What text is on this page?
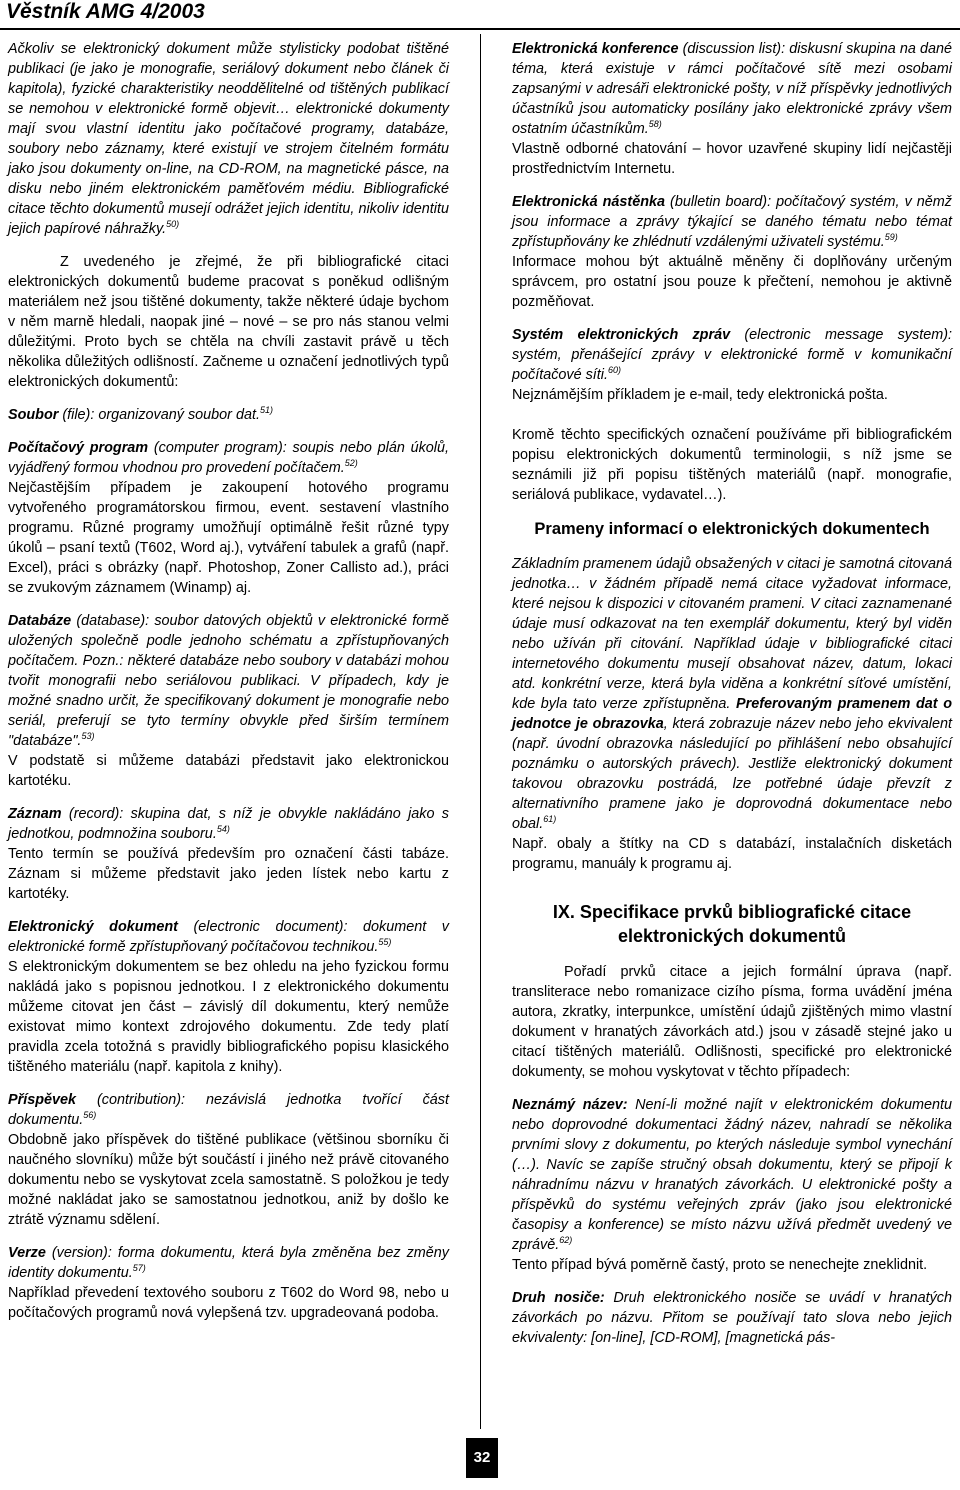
Věstník AMG 4/2003

Ačkoliv se elektronický dokument může stylisticky podobat tištěné publikaci (je jako je monografie, seriálový dokument nebo článek či kapitola), fyzické charakteristiky neoddělitelné od tištěných publikací se nemohou v elektronické formě objevit… elektronické dokumenty mají svou vlastní identitu jako počítačové programy, databáze, soubory nebo záznamy, které existují ve strojem čitelném formátu jako jsou dokumenty on-line, na CD-ROM, na magnetické pásce, na disku nebo jiném elektronickém paměťovém médiu. Bibliografické citace těchto dokumentů musejí odrážet jejich identitu, nikoliv identitu jejich papírové náhražky.$^{50)}$

Z uvedeného je zřejmé, že při bibliografické citaci elektronických dokumentů budeme pracovat s poněkud odlišným materiálem než jsou tištěné dokumenty, takže některé údaje bychom v něm marně hledali, naopak jiné – nové – se pro nás stanou velmi důležitými. Proto bych se chtěla na chvíli zastavit právě u těch několika důležitých odlišností. Začneme u označení jednotlivých typů elektronických dokumentů:

Soubor (file): organizovaný soubor dat.$^{51)}$

Počítačový program (computer program): soupis nebo plán úkolů, vyjádřený formou vhodnou pro provedení počítačem.$^{52)}$

Nejčastějším případem je zakoupení hotového programu vytvořeného programátorskou firmou, event. sestavení vlastního programu. Různé programy umožňují optimálně řešit různé typy úkolů – psaní textů (T602, Word aj.), vytváření tabulek a grafů (např. Excel), práci s obrázky (např. Photoshop, Zoner Callisto ad.), práci se zvukovým záznamem (Winamp) aj.

Databáze (database): soubor datových objektů v elektronické formě uložených společně podle jednoho schématu a zpřístupňovaných počítačem. Pozn.: některé databáze nebo soubory v databázi mohou tvořit monografii nebo seriálovou publikaci. V případech, kdy je možné snadno určit, že specifikovaný dokument je monografie nebo seriál, preferují se tyto termíny obvykle před širším termínem "databáze".$^{53)}$

V podstatě si můžeme databázi představit jako elektronickou kartotéku.

Záznam (record): skupina dat, s níž je obvykle nakládáno jako s jednotkou, podmnožina souboru.$^{54)}$

Tento termín se používá především pro označení části tabáze. Záznam si můžeme představit jako jeden lístek nebo kartu z kartotéky.

Elektronický dokument (electronic document): dokument v elektronické formě zpřístupňovaný počítačovou technikou.$^{55)}$

S elektronickým dokumentem se bez ohledu na jeho fyzickou formu nakládá jako s popisnou jednotkou. I z elektronického dokumentu můžeme citovat jen část – závislý díl dokumentu, který nemůže existovat mimo kontext zdrojového dokumentu. Zde tedy platí pravidla zcela totožná s pravidly bibliografického popisu klasického tištěného materiálu (např. kapitola z knihy).

Příspěvek (contribution): nezávislá jednotka tvořící část dokumentu.$^{56)}$

Obdobně jako příspěvek do tištěné publikace (většinou sborníku či naučného slovníku) může být součástí i jiného než právě citovaného dokumentu nebo se vyskytovat zcela samostatně. S položkou je tedy možné nakládat jako se samostatnou jednotkou, aniž by došlo ke ztrátě významu sdělení.

Verze (version): forma dokumentu, která byla změněna bez změny identity dokumentu.$^{57)}$

Například převedení textového souboru z T602 do Word 98, nebo u počítačových programů nová vylepšená tzv. upgradeovaná podoba.

Elektronická konference (discussion list): diskusní skupina na dané téma, která existuje v rámci počítačové sítě mezi osobami zapsanými v adresáři elektronické pošty, v níž příspěvky jednotlivých účastníků jsou automaticky posílány jako elektronické zprávy všem ostatním účastníkům.$^{58)}$

Vlastně odborné chatování – hovor uzavřené skupiny lidí nejčastěji prostřednictvím Internetu.

Elektronická nástěnka (bulletin board): počítačový systém, v němž jsou informace a zprávy týkající se daného tématu nebo témat zpřístupňovány ke zhlédnutí vzdálenými uživateli systému.$^{59)}$

Informace mohou být aktuálně měněny či doplňovány určeným správcem, pro ostatní jsou pouze k přečtení, nemohou je aktivně pozměňovat.

Systém elektronických zpráv (electronic message system): systém, přenášející zprávy v elektronické formě v komunikační počítačové síti.$^{60)}$

Nejznámějším příkladem je e-mail, tedy elektronická pošta.

Kromě těchto specifických označení používáme při bibliografickém popisu elektronických dokumentů terminologii, s níž jsme se seznámili již při popisu tištěných materiálů (např. monografie, seriálová publikace, vydavatel…).

Prameny informací o elektronických dokumentech

Základním pramenem údajů obsažených v citaci je samotná citovaná jednotka… v žádném případě nemá citace vyžadovat informace, které nejsou k dispozici v citovaném prameni. V citaci zaznamenané údaje musí odkazovat na ten exemplář dokumentu, který byl viděn nebo užíván při citování. Například údaje v bibliografické citaci internetového dokumentu musejí obsahovat název, datum, lokaci atd. konkrétní verze, která byla viděna a konkrétní síťové umístění, kde byla tato verze zpřístupněna. Preferovaným pramenem dat o jednotce je obrazovka, která zobrazuje název nebo jeho ekvivalent (např. úvodní obrazovka následující po přihlášení nebo obsahující poznámku o autorských právech). Jestliže elektronický dokument takovou obrazovku postrádá, lze potřebné údaje převzít z alternativního pramene jako je doprovodná dokumentace nebo obal.$^{61)}$

Např. obaly a štítky na CD s databází, instalačních disketách programu, manuály k programu aj.

IX. Specifikace prvků bibliografické citace elektronických dokumentů

Pořadí prvků citace a jejich formální úprava (např. transliterace nebo romanizace cizího písma, forma uvádění jména autora, zkratky, interpunkce, umístění údajů zjištěných mimo vlastní dokument v hranatých závorkách atd.) jsou v zásadě stejné jako u citací tištěných materiálů. Odlišnosti, specifické pro elektronické dokumenty, se mohou vyskytovat v těchto případech:

Neznámý název: Není-li možné najít v elektronickém dokumentu nebo doprovodné dokumentaci žádný název, nahradí se několika prvními slovy z dokumentu, po kterých následuje symbol vynechání (…). Navíc se zapíše stručný obsah dokumentu, který se připojí k náhradnímu názvu v hranatých závorkách. U elektronické pošty a příspěvků do systému veřejných zpráv (jako jsou elektronické časopisy a konference) se místo názvu užívá předmět uvedený ve zprávě.$^{62)}$

Tento případ bývá poměrně častý, proto se nenechejte zneklidnit.

Druh nosiče: Druh elektronického nosiče se uvádí v hranatých závorkách po názvu. Přitom se používají tato slova nebo jejich ekvivalenty: [on-line], [CD-ROM], [magnetická pás-

32
